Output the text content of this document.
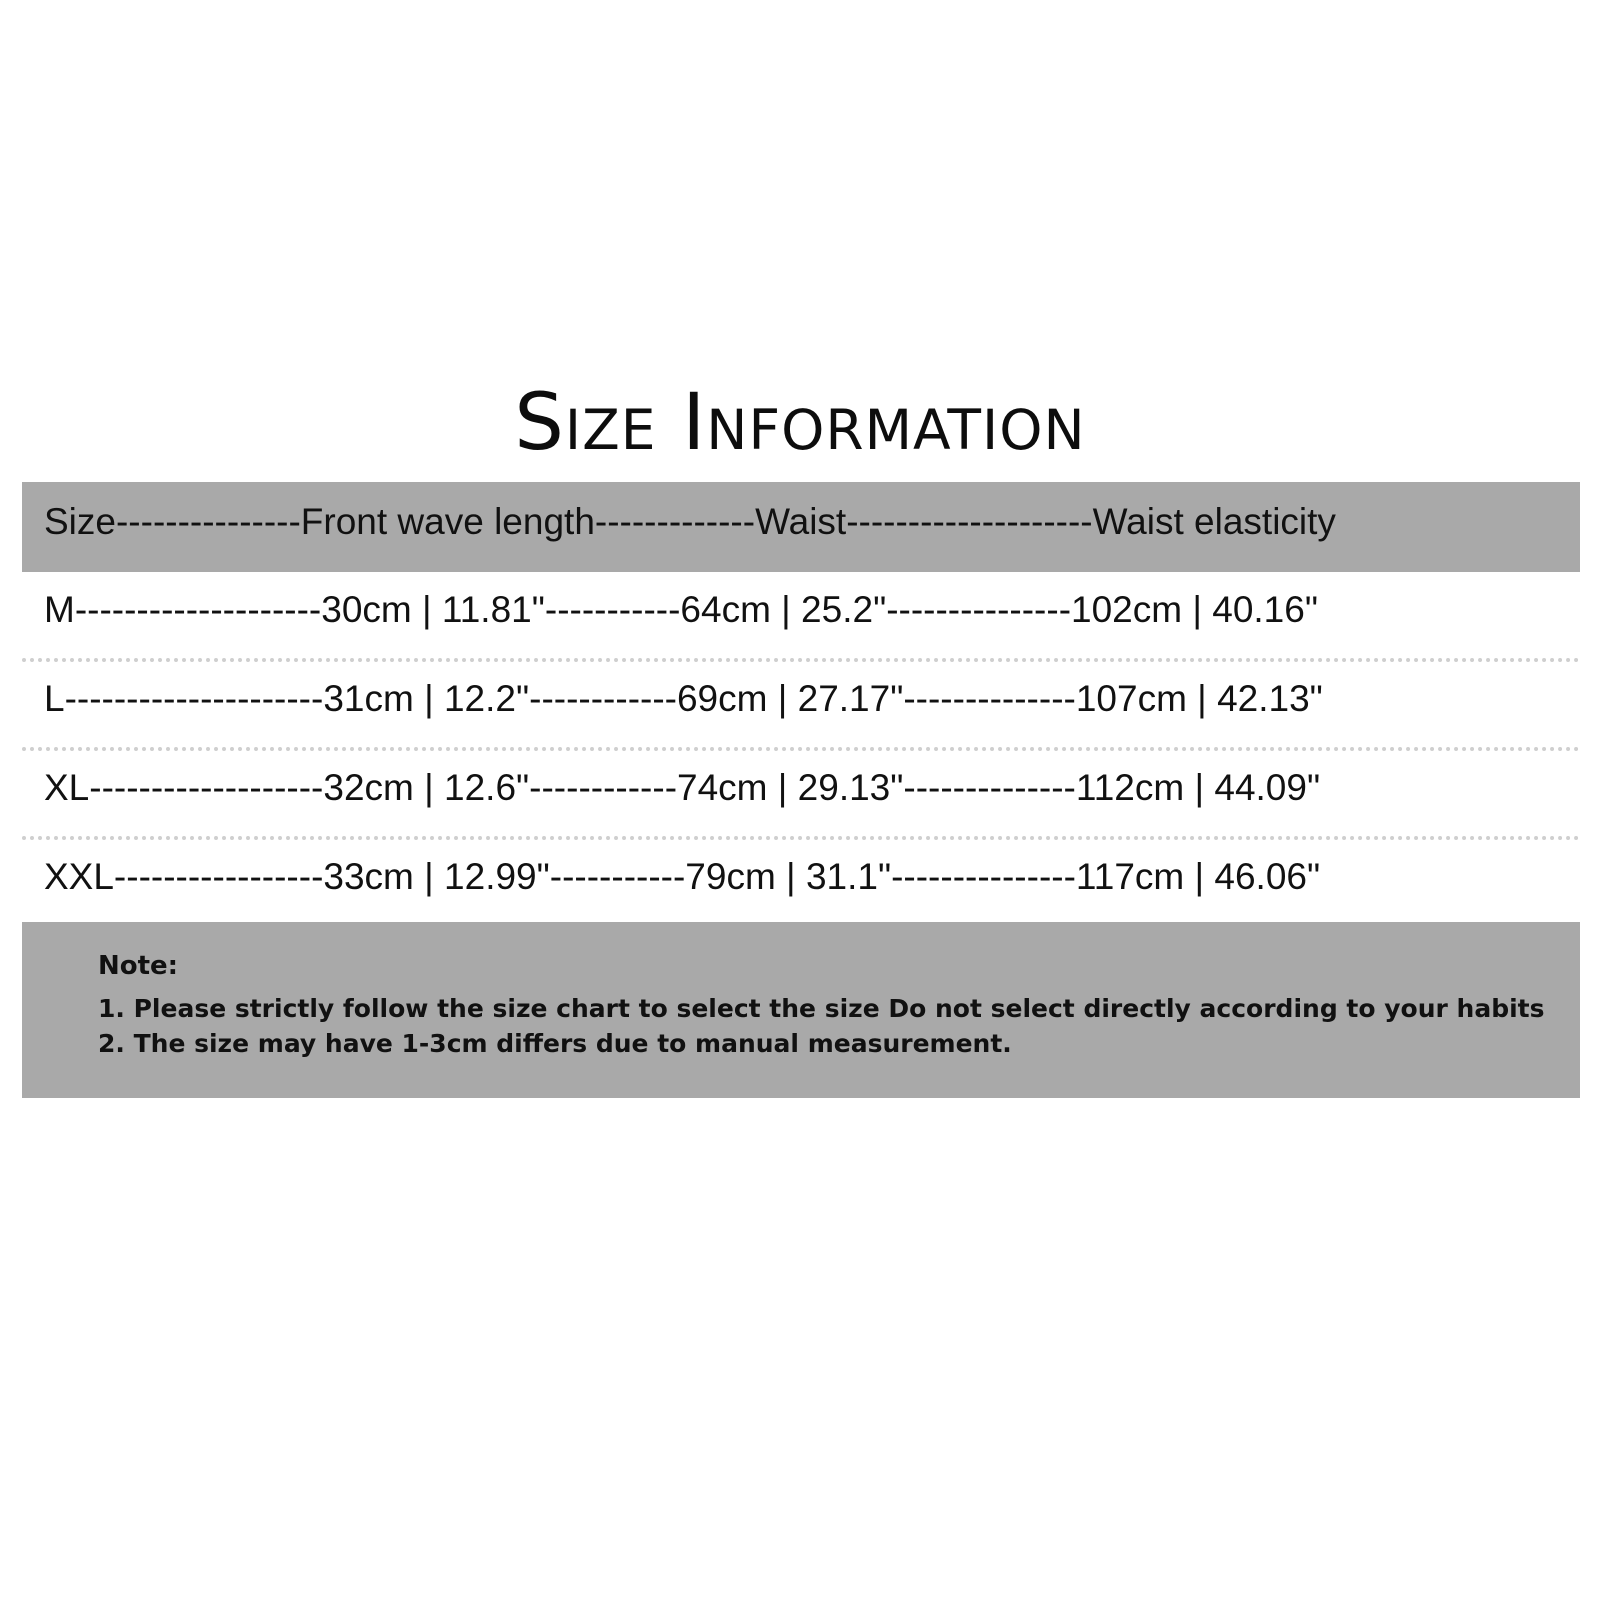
Size Information
Size---------------Front wave length-------------Waist--------------------Waist elasticity
M--------------------30cm | 11.81"-----------64cm | 25.2"---------------102cm | 40.16"
L---------------------31cm | 12.2"------------69cm | 27.17"--------------107cm | 42.13"
XL-------------------32cm | 12.6"------------74cm | 29.13"--------------112cm | 44.09"
XXL-----------------33cm | 12.99"-----------79cm | 31.1"---------------117cm | 46.06"
Note:
1. Please strictly follow the size chart to select the size Do not select directly according to your habits
2. The size may have 1-3cm differs due to manual measurement.
